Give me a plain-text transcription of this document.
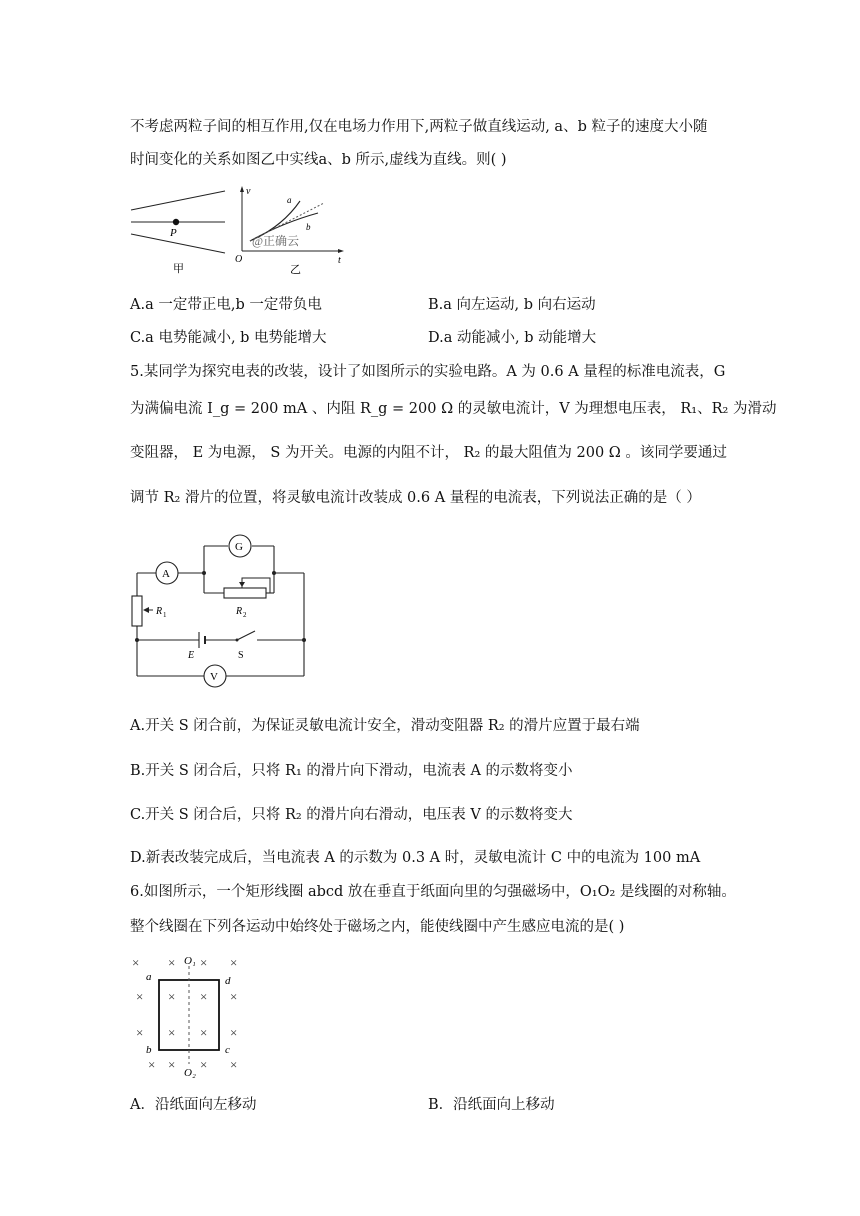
不考虑两粒子间的相互作用,仅在电场力作用下,两粒子做直线运动, a、b 粒子的速度大小随
时间变化的关系如图乙中实线a、b 所示,虚线为直线。则( )
P
甲
v
t
O
a
b
@正确云
乙
A.a 一定带正电,b 一定带负电	B.a 向左运动, b 向右运动
C.a 电势能减小, b 电势能增大	D.a 动能减小, b 动能增大
5.某同学为探究电表的改装，设计了如图所示的实验电路。A 为 0.6 A 量程的标准电流表，G
为满偏电流 I_g = 200 mA 、内阻 R_g = 200 Ω 的灵敏电流计，V 为理想电压表， R₁、R₂ 为滑动
变阻器， E 为电源， S 为开关。电源的内阻不计， R₂ 的最大阻值为 200 Ω 。该同学要通过
调节 R₂ 滑片的位置，将灵敏电流计改装成 0.6 A 量程的电流表，下列说法正确的是（ ）
G
R 2
A
R 1
E	S
V
A.开关 S 闭合前，为保证灵敏电流计安全，滑动变阻器 R₂ 的滑片应置于最右端
B.开关 S 闭合后，只将 R₁ 的滑片向下滑动，电流表 A 的示数将变小
C.开关 S 闭合后，只将 R₂ 的滑片向右滑动，电压表 V 的示数将变大
D.新表改装完成后，当电流表 A 的示数为 0.3 A 时，灵敏电流计 C 中的电流为 100 mA
6.如图所示，一个矩形线圈 abcd 放在垂直于纸面向里的匀强磁场中，O₁O₂ 是线圈的对称轴。
整个线圈在下列各运动中始终处于磁场之内，能使线圈中产生感应电流的是( )
× × × ×
× × × ×
× × × ×
× × × ×
a	d
b	c
O₁
O₂
A．沿纸面向左移动	B．沿纸面向上移动
